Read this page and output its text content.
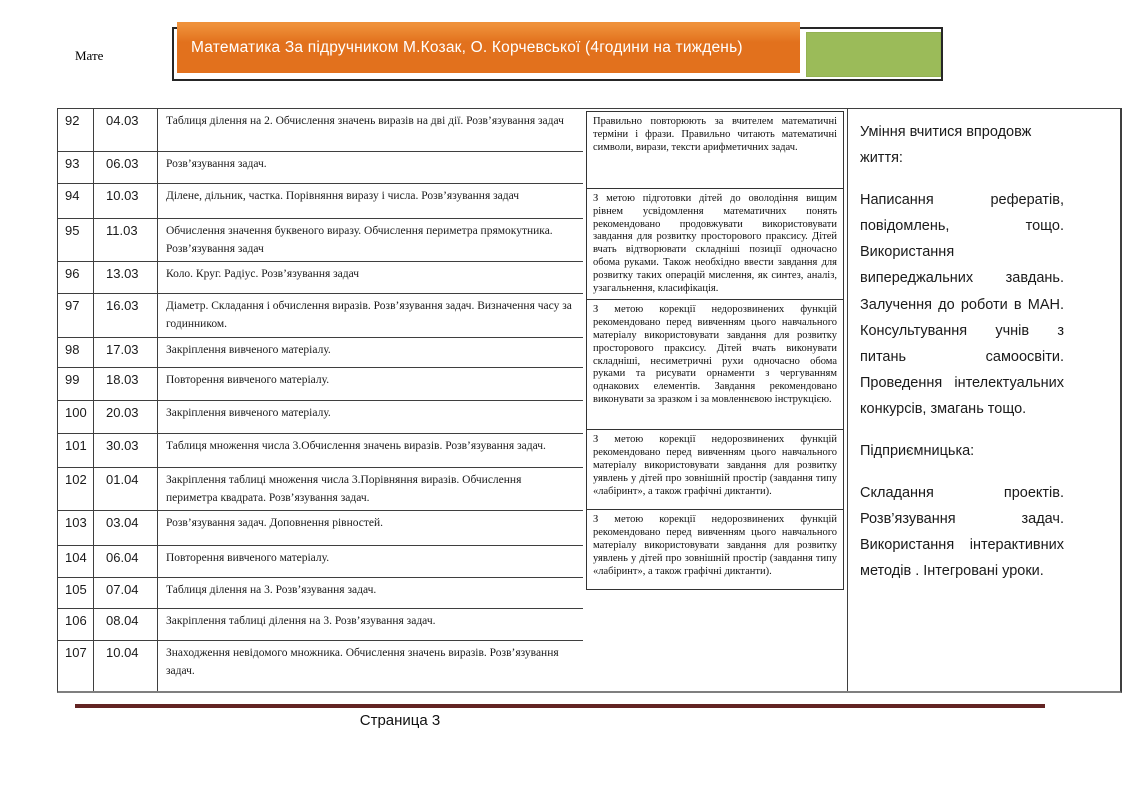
Мате	Математика За підручником М.Козак, О. Корчевської (4години на тиждень)
92	04.03	Таблиця ділення на 2. Обчислення значень виразів на дві дії. Розв’язування задач
93	06.03	Розв’язування задач.
94	10.03	Ділене, дільник, частка. Порівняння виразу і числа. Розв’язування задач
95	11.03	Обчислення значення буквеного виразу. Обчислення периметра прямокутника. Розв’язування задач
96	13.03	Коло. Круг. Радіус. Розв’язування задач
97	16.03	Діаметр. Складання і обчислення виразів. Розв’язування задач. Визначення часу за годинником.
98	17.03	Закріплення вивченого матеріалу.
99	18.03	Повторення вивченого матеріалу.
100	20.03	Закріплення вивченого матеріалу.
101	30.03	Таблиця множення числа 3.Обчислення значень виразів. Розв’язування задач.
102	01.04	Закріплення таблиці множення числа 3.Порівняння виразів. Обчислення периметра квадрата. Розв’язування задач.
103	03.04	Розв’язування задач. Доповнення рівностей.
104	06.04	Повторення вивченого матеріалу.
105	07.04	Таблиця ділення на 3. Розв’язування задач.
106	08.04	Закріплення таблиці ділення на 3. Розв’язування задач.
107	10.04	Знаходження невідомого множника. Обчислення значень виразів. Розв’язування задач.
Правильно повторюють за вчителем математичні терміни і фрази. Правильно читають математичні символи, вирази, тексти арифметичних задач.
З метою підготовки дітей до оволодіння вищим рівнем усвідомлення математичних понять рекомендовано продовжувати використовувати завдання для розвитку просторового праксису. Дітей вчать відтворювати складніші позиції одночасно обома руками. Також необхідно ввести завдання для розвитку таких операцій мислення, як синтез, аналіз, узагальнення, класифікація.
З метою корекції недорозвинених функцій рекомендовано перед вивченням цього навчального матеріалу використовувати завдання для розвитку просторового праксису. Дітей вчать виконувати складніші, несиметричні рухи одночасно обома руками та рисувати орнаменти з чергуванням однакових елементів. Завдання рекомендовано виконувати за зразком і за мовленнєвою інструкцією.
З метою корекції недорозвинених функцій рекомендовано перед вивченням цього навчального матеріалу використовувати завдання для розвитку уявлень у дітей про зовнішній простір (завдання типу «лабіринт», а також графічні диктанти).
З метою корекції недорозвинених функцій рекомендовано перед вивченням цього навчального матеріалу використовувати завдання для розвитку уявлень у дітей про зовнішній простір (завдання типу «лабіринт», а також графічні диктанти).
Уміння вчитися впродовж життя:

Написання рефератів, повідомлень, тощо. Використання випереджальних завдань. Залучення до роботи в МАН. Консультування учнів з питань самоосвіти. Проведення інтелектуальних конкурсів, змагань тощо.

Підприємницька:

Складання проектів. Розв’язування задач. Використання інтерактивних методів . Інтегровані уроки.

Страница 3
